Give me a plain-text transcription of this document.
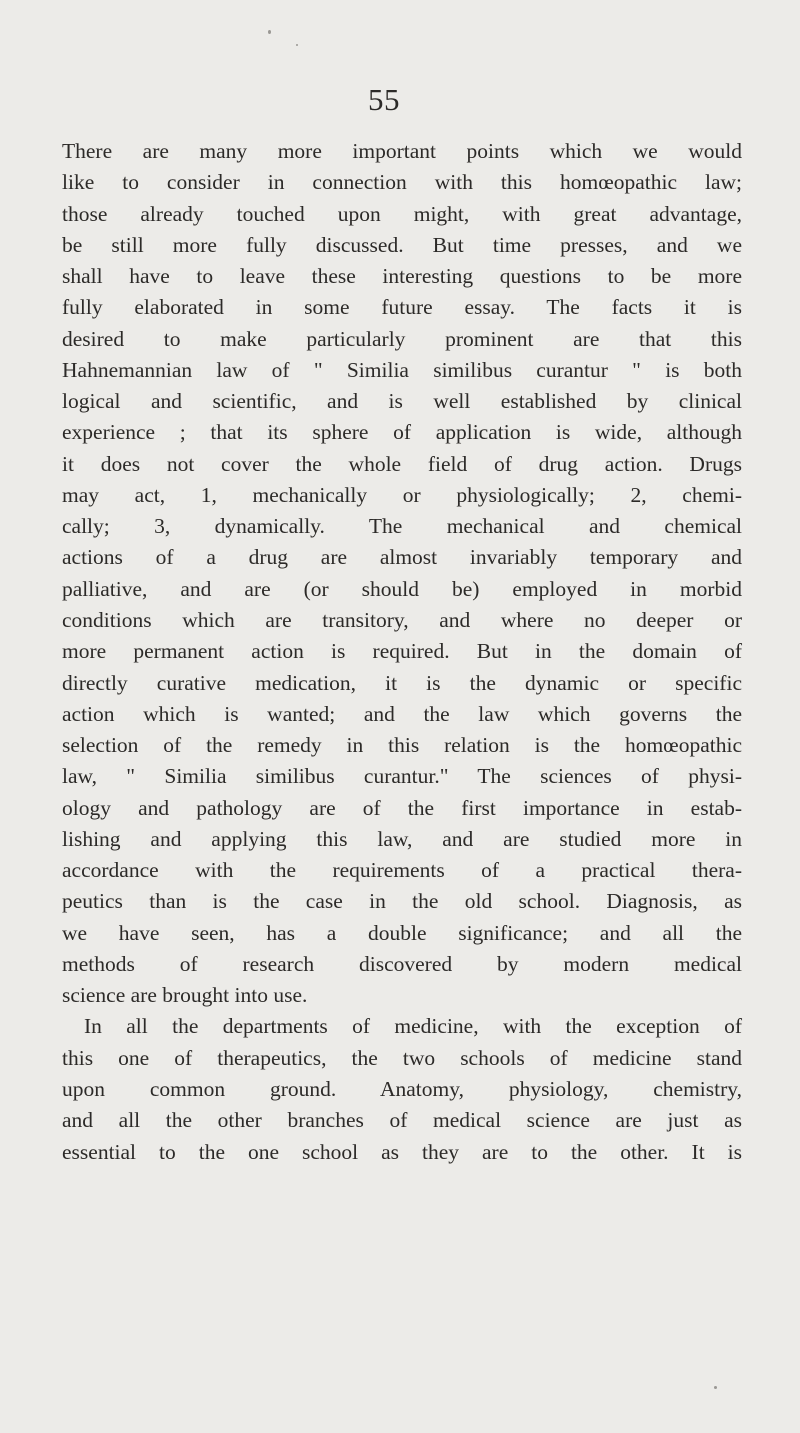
55
There are many more important points which we would
like to consider in connection with this homœopathic law;
those already touched upon might, with great advantage,
be still more fully discussed. But time presses, and we
shall have to leave these interesting questions to be more
fully elaborated in some future essay. The facts it is
desired to make particularly prominent are that this
Hahnemannian law of " Similia similibus curantur " is both
logical and scientific, and is well established by clinical
experience ; that its sphere of application is wide, although
it does not cover the whole field of drug action. Drugs
may act, 1, mechanically or physiologically; 2, chemi-
cally; 3, dynamically. The mechanical and chemical
actions of a drug are almost invariably temporary and
palliative, and are (or should be) employed in morbid
conditions which are transitory, and where no deeper or
more permanent action is required. But in the domain of
directly curative medication, it is the dynamic or specific
action which is wanted; and the law which governs the
selection of the remedy in this relation is the homœopathic
law, " Similia similibus curantur." The sciences of physi-
ology and pathology are of the first importance in estab-
lishing and applying this law, and are studied more in
accordance with the requirements of a practical thera-
peutics than is the case in the old school. Diagnosis, as
we have seen, has a double significance; and all the
methods of research discovered by modern medical
science are brought into use.
In all the departments of medicine, with the exception of
this one of therapeutics, the two schools of medicine stand
upon common ground. Anatomy, physiology, chemistry,
and all the other branches of medical science are just as
essential to the one school as they are to the other. It is
